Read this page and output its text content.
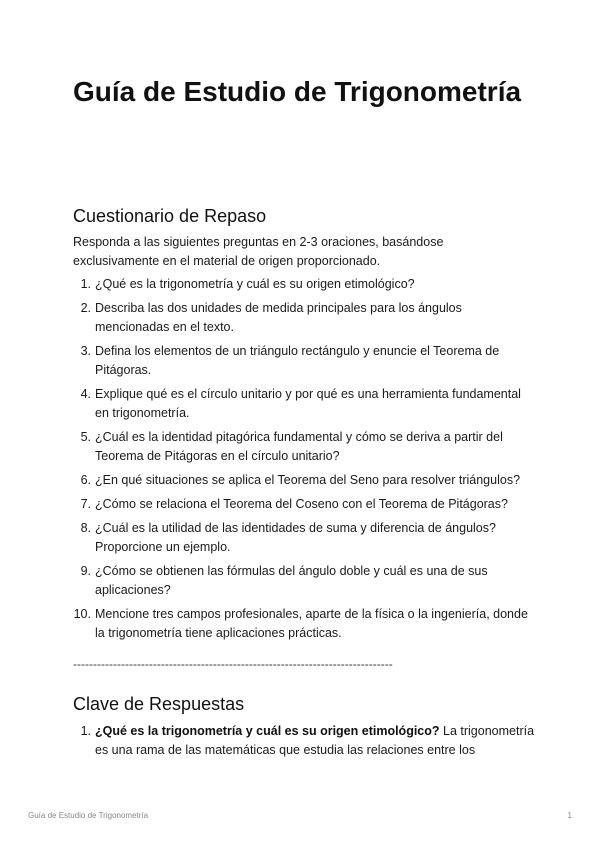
Guía de Estudio de Trigonometría
Cuestionario de Repaso

Responda a las siguientes preguntas en 2-3 oraciones, basándose exclusivamente en el material de origen proporcionado.

1. ¿Qué es la trigonometría y cuál es su origen etimológico?
2. Describa las dos unidades de medida principales para los ángulos mencionadas en el texto.
3. Defina los elementos de un triángulo rectángulo y enuncie el Teorema de Pitágoras.
4. Explique qué es el círculo unitario y por qué es una herramienta fundamental en trigonometría.
5. ¿Cuál es la identidad pitagórica fundamental y cómo se deriva a partir del Teorema de Pitágoras en el círculo unitario?
6. ¿En qué situaciones se aplica el Teorema del Seno para resolver triángulos?
7. ¿Cómo se relaciona el Teorema del Coseno con el Teorema de Pitágoras?
8. ¿Cuál es la utilidad de las identidades de suma y diferencia de ángulos? Proporcione un ejemplo.
9. ¿Cómo se obtienen las fórmulas del ángulo doble y cuál es una de sus aplicaciones?
10. Mencione tres campos profesionales, aparte de la física o la ingeniería, donde la trigonometría tiene aplicaciones prácticas.
--------------------------------------------------------------------------------
Clave de Respuestas
1. ¿Qué es la trigonometría y cuál es su origen etimológico? La trigonometría es una rama de las matemáticas que estudia las relaciones entre los
Guía de Estudio de Trigonometría	1
